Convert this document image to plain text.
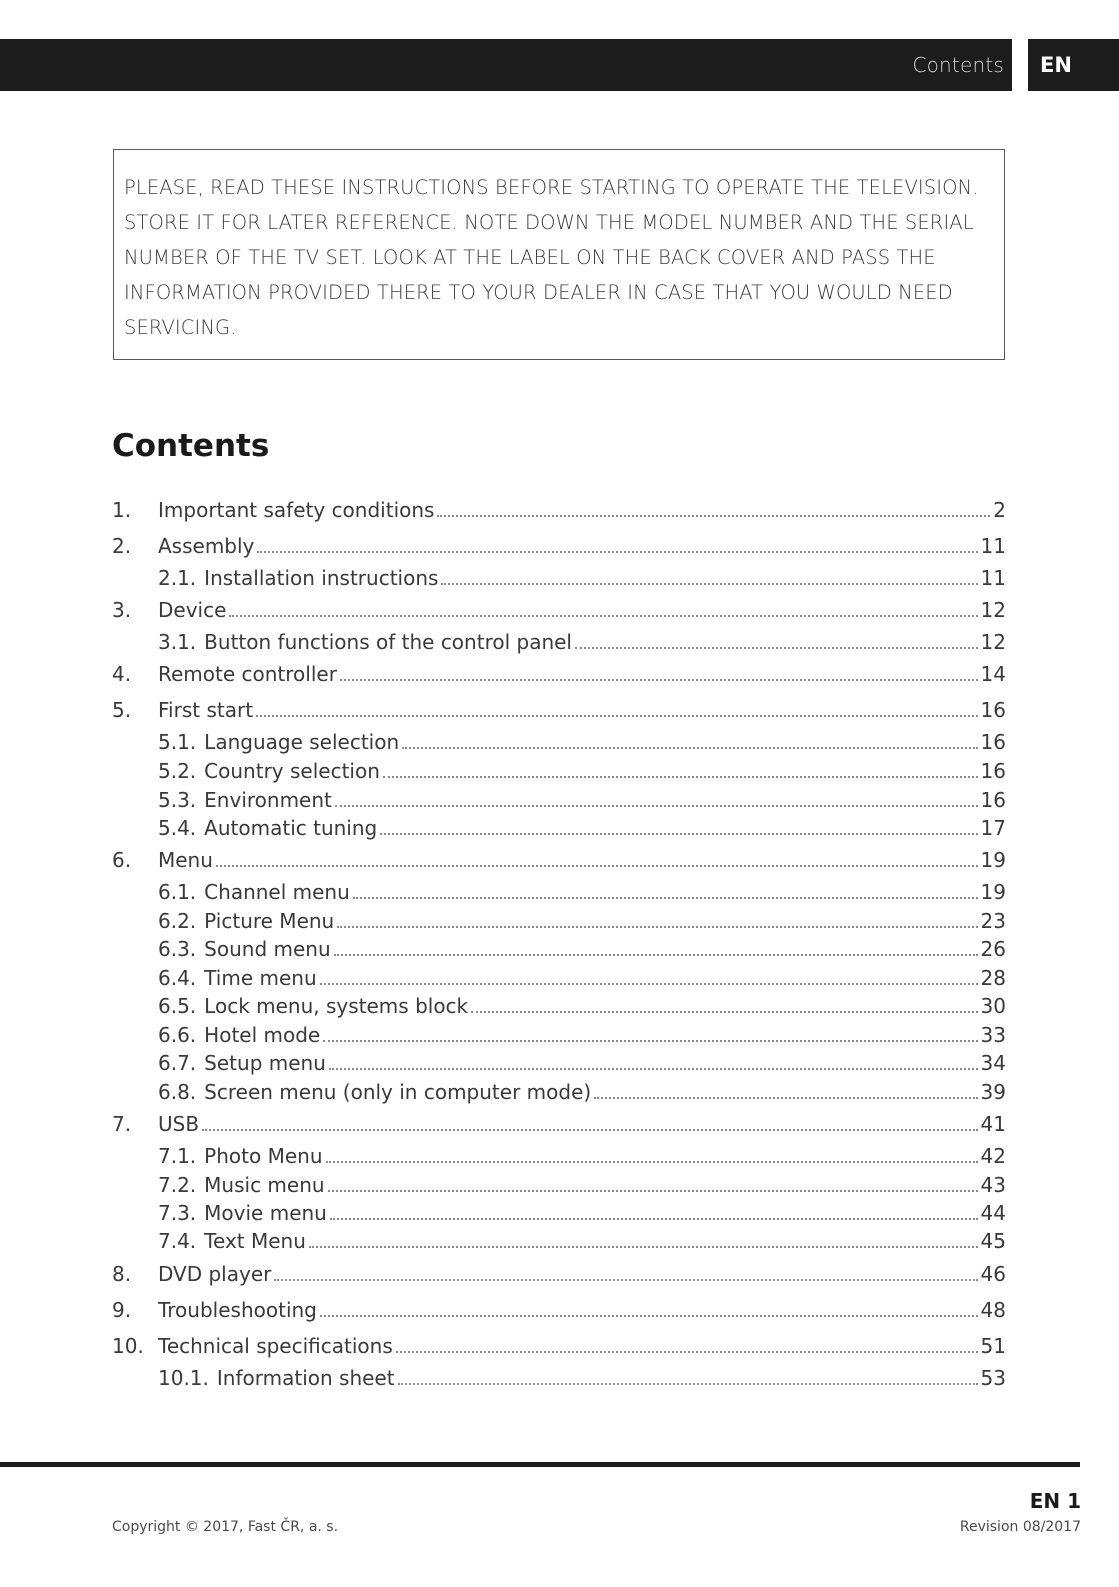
Contents EN
PLEASE, READ THESE INSTRUCTIONS BEFORE STARTING TO OPERATE THE TELEVISION. STORE IT FOR LATER REFERENCE. NOTE DOWN THE MODEL NUMBER AND THE SERIAL NUMBER OF THE TV SET. LOOK AT THE LABEL ON THE BACK COVER AND PASS THE INFORMATION PROVIDED THERE TO YOUR DEALER IN CASE THAT YOU WOULD NEED SERVICING.
Contents
1.	Important safety conditions	2
2.	Assembly	11
2.1. Installation instructions	11
3.	Device	12
3.1. Button functions of the control panel	12
4.	Remote controller	14
5.	First start	16
5.1. Language selection	16
5.2. Country selection	16
5.3. Environment	16
5.4. Automatic tuning	17
6.	Menu	19
6.1. Channel menu	19
6.2. Picture Menu	23
6.3. Sound menu	26
6.4. Time menu	28
6.5. Lock menu, systems block	30
6.6. Hotel mode	33
6.7. Setup menu	34
6.8. Screen menu (only in computer mode)	39
7.	USB	41
7.1. Photo Menu	42
7.2. Music menu	43
7.3. Movie menu	44
7.4. Text Menu	45
8.	DVD player	46
9.	Troubleshooting	48
10. Technical specifications	51
10.1. Information sheet	53
EN 1
Copyright © 2017, Fast ČR, a. s.	Revision 08/2017
